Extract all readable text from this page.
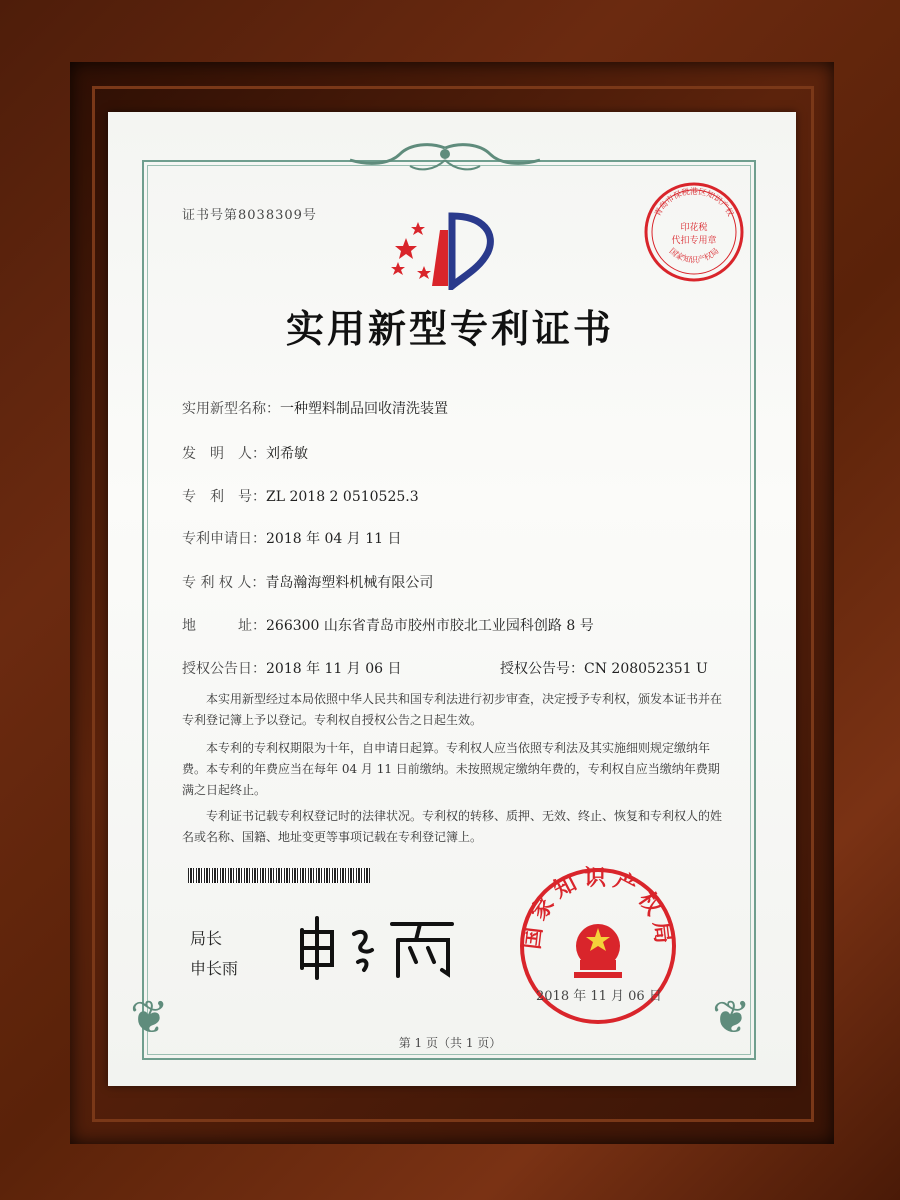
❦	❦
证书号第8038309号	青岛市保税港区知识产权
印花税
代扣专用章
国家知识产权局
实用新型专利证书
实用新型名称：一种塑料制品回收清洗装置
发　明　人：刘希敏
专　利　号：ZL 2018 2 0510525.3
专利申请日：2018 年 04 月 11 日
专 利 权 人：青岛瀚海塑料机械有限公司
地　　　址：266300 山东省青岛市胶州市胶北工业园科创路 8 号
授权公告日：2018 年 11 月 06 日	授权公告号：CN 208052351 U
本实用新型经过本局依照中华人民共和国专利法进行初步审查，决定授予专利权，颁发本证书并在专利登记簿上予以登记。专利权自授权公告之日起生效。
本专利的专利权期限为十年，自申请日起算。专利权人应当依照专利法及其实施细则规定缴纳年费。本专利的年费应当在每年 04 月 11 日前缴纳。未按照规定缴纳年费的，专利权自应当缴纳年费期满之日起终止。
专利证书记载专利权登记时的法律状况。专利权的转移、质押、无效、终止、恢复和专利权人的姓名或名称、国籍、地址变更等事项记载在专利登记簿上。
局长
申长雨
国家知识产权局
2018 年 11 月 06 日
第 1 页（共 1 页）
